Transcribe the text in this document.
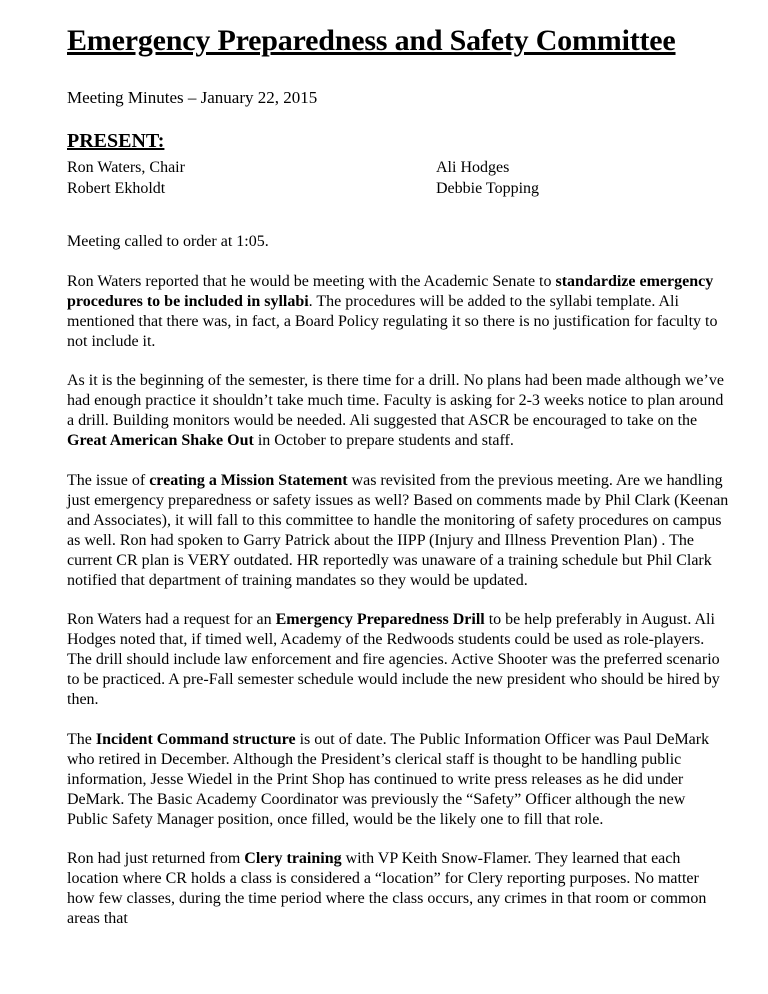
Emergency Preparedness and Safety Committee
Meeting Minutes – January 22, 2015
PRESENT:
Ron Waters, Chair
Robert Ekholdt
Ali Hodges
Debbie Topping

Meeting called to order at 1:05.

Ron Waters reported that he would be meeting with the Academic Senate to standardize emergency procedures to be included in syllabi. The procedures will be added to the syllabi template. Ali mentioned that there was, in fact, a Board Policy regulating it so there is no justification for faculty to not include it.

As it is the beginning of the semester, is there time for a drill. No plans had been made although we’ve had enough practice it shouldn’t take much time. Faculty is asking for 2-3 weeks notice to plan around a drill. Building monitors would be needed. Ali suggested that ASCR be encouraged to take on the Great American Shake Out in October to prepare students and staff.

The issue of creating a Mission Statement was revisited from the previous meeting. Are we handling just emergency preparedness or safety issues as well? Based on comments made by Phil Clark (Keenan and Associates), it will fall to this committee to handle the monitoring of safety procedures on campus as well. Ron had spoken to Garry Patrick about the IIPP (Injury and Illness Prevention Plan) . The current CR plan is VERY outdated. HR reportedly was unaware of a training schedule but Phil Clark notified that department of training mandates so they would be updated.

Ron Waters had a request for an Emergency Preparedness Drill to be help preferably in August. Ali Hodges noted that, if timed well, Academy of the Redwoods students could be used as role-players. The drill should include law enforcement and fire agencies. Active Shooter was the preferred scenario to be practiced. A pre-Fall semester schedule would include the new president who should be hired by then.

The Incident Command structure is out of date. The Public Information Officer was Paul DeMark who retired in December. Although the President’s clerical staff is thought to be handling public information, Jesse Wiedel in the Print Shop has continued to write press releases as he did under DeMark. The Basic Academy Coordinator was previously the “Safety” Officer although the new Public Safety Manager position, once filled, would be the likely one to fill that role.

Ron had just returned from Clery training with VP Keith Snow-Flamer. They learned that each location where CR holds a class is considered a “location” for Clery reporting purposes. No matter how few classes, during the time period where the class occurs, any crimes in that room or common areas that
